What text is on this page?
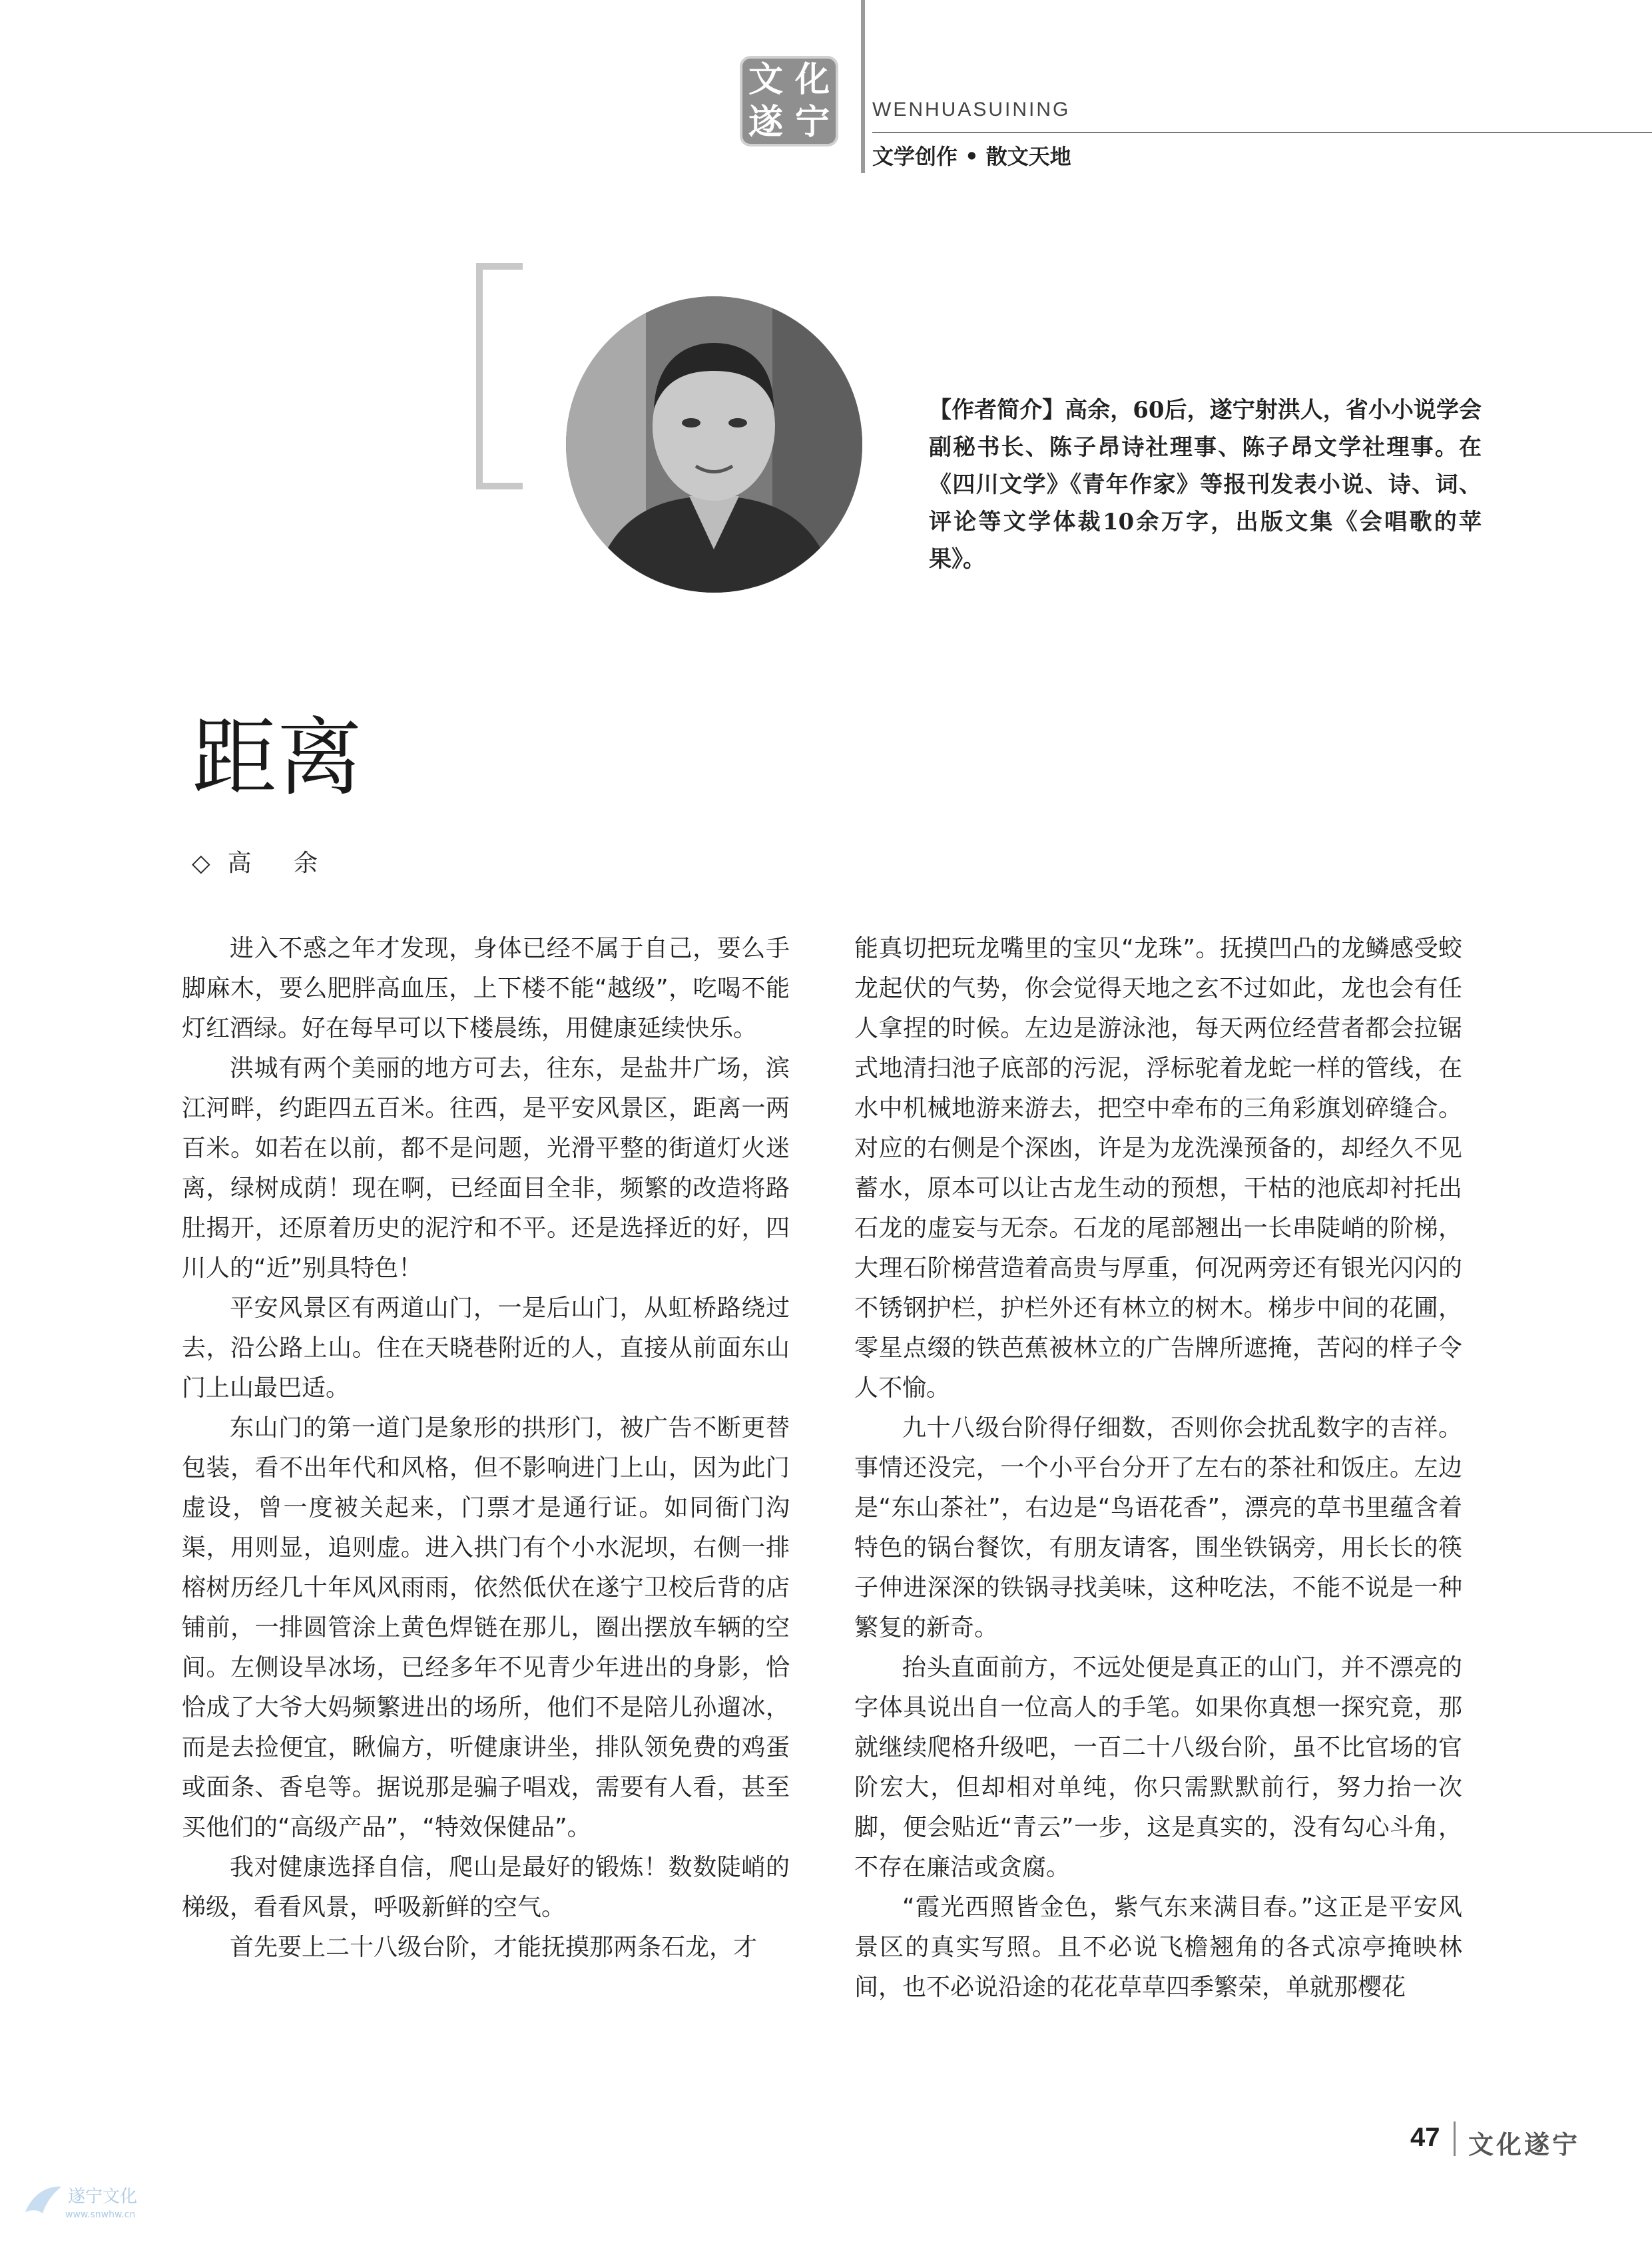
文 化
遂 宁 WENHUASUINING
文学创作 • 散文天地
【作者简介】高余，60后，遂宁射洪人，省小小说学会副秘书长、陈子昂诗社理事、陈子昂文学社理事。在《四川文学》《青年作家》等报刊发表小说、诗、词、评论等文学体裁10余万字，出版文集《会唱歌的苹果》。
距离
◇高 余

进入不惑之年才发现，身体已经不属于自己，要么手脚麻木，要么肥胖高血压，上下楼不能“越级”，吃喝不能灯红酒绿。好在每早可以下楼晨练，用健康延续快乐。

洪城有两个美丽的地方可去，往东，是盐井广场，滨江河畔，约距四五百米。往西，是平安风景区，距离一两百米。如若在以前，都不是问题，光滑平整的街道灯火迷离，绿树成荫！现在啊，已经面目全非，频繁的改造将路肚揭开，还原着历史的泥泞和不平。还是选择近的好，四川人的“近”别具特色！

平安风景区有两道山门，一是后山门，从虹桥路绕过去，沿公路上山。住在天晓巷附近的人，直接从前面东山门上山最巴适。

东山门的第一道门是象形的拱形门，被广告不断更替包装，看不出年代和风格，但不影响进门上山，因为此门虚设，曾一度被关起来，门票才是通行证。如同衙门沟渠，用则显，追则虚。进入拱门有个小水泥坝，右侧一排榕树历经几十年风风雨雨，依然低伏在遂宁卫校后背的店铺前，一排圆管涂上黄色焊链在那儿，圈出摆放车辆的空间。左侧设旱冰场，已经多年不见青少年进出的身影，恰恰成了大爷大妈频繁进出的场所，他们不是陪儿孙遛冰，而是去捡便宜，瞅偏方，听健康讲坐，排队领免费的鸡蛋或面条、香皂等。据说那是骗子唱戏，需要有人看，甚至买他们的“高级产品”，“特效保健品”。

我对健康选择自信，爬山是最好的锻炼！数数陡峭的梯级，看看风景，呼吸新鲜的空气。

首先要上二十八级台阶，才能抚摸那两条石龙，才

能真切把玩龙嘴里的宝贝“龙珠”。抚摸凹凸的龙鳞感受蛟龙起伏的气势，你会觉得天地之玄不过如此，龙也会有任人拿捏的时候。左边是游泳池，每天两位经营者都会拉锯式地清扫池子底部的污泥，浮标驼着龙蛇一样的管线，在水中机械地游来游去，把空中牵布的三角彩旗划碎缝合。对应的右侧是个深凼，许是为龙洗澡预备的，却经久不见蓄水，原本可以让古龙生动的预想，干枯的池底却衬托出石龙的虚妄与无奈。石龙的尾部翘出一长串陡峭的阶梯，大理石阶梯营造着高贵与厚重，何况两旁还有银光闪闪的不锈钢护栏，护栏外还有林立的树木。梯步中间的花圃，零星点缀的铁芭蕉被林立的广告牌所遮掩，苦闷的样子令人不愉。

九十八级台阶得仔细数，否则你会扰乱数字的吉祥。事情还没完，一个小平台分开了左右的茶社和饭庄。左边是“东山茶社”，右边是“鸟语花香”，漂亮的草书里蕴含着特色的锅台餐饮，有朋友请客，围坐铁锅旁，用长长的筷子伸进深深的铁锅寻找美味，这种吃法，不能不说是一种繁复的新奇。

抬头直面前方，不远处便是真正的山门，并不漂亮的字体具说出自一位高人的手笔。如果你真想一探究竟，那就继续爬格升级吧，一百二十八级台阶，虽不比官场的官阶宏大，但却相对单纯，你只需默默前行，努力抬一次脚，便会贴近“青云”一步，这是真实的，没有勾心斗角，不存在廉洁或贪腐。

“霞光西照皆金色，紫气东来满目春。”这正是平安风景区的真实写照。且不必说飞檐翘角的各式凉亭掩映林间，也不必说沿途的花花草草四季繁荣，单就那樱花

47 文化遂宁
遂宁文化
www.snwhw.cn
